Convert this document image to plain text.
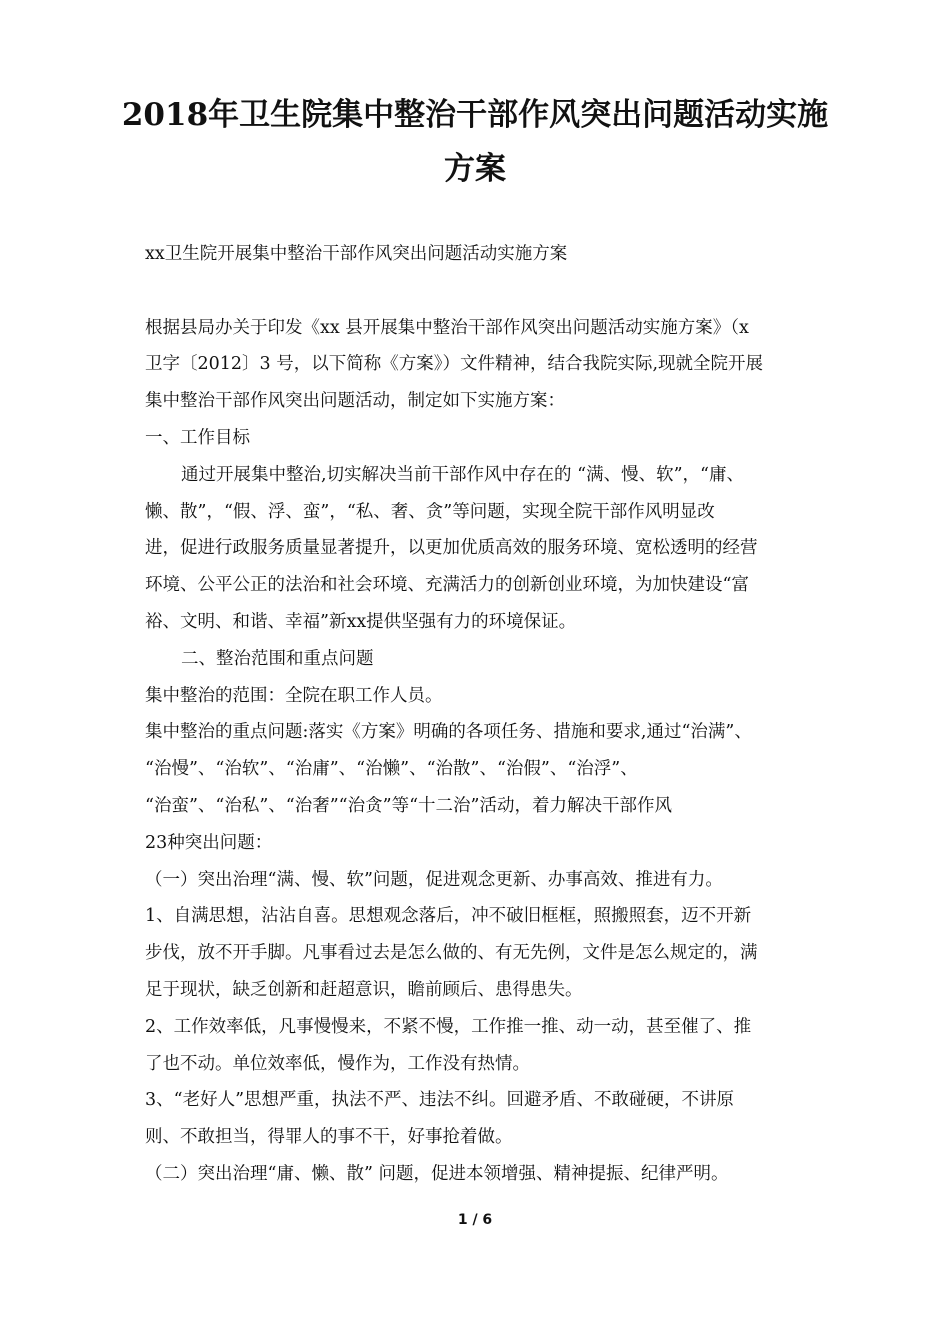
2018年卫生院集中整治干部作风突出问题活动实施
方案
xx卫生院开展集中整治干部作风突出问题活动实施方案
根据县局办关于印发《xx 县开展集中整治干部作风突出问题活动实施方案》（x
卫字〔2012〕3 号，以下简称《方案》）文件精神，结合我院实际,现就全院开展
集中整治干部作风突出问题活动，制定如下实施方案：
一、工作目标
通过开展集中整治,切实解决当前干部作风中存在的 “满、慢、软”，“庸、
懒、散”，“假、浮、蛮”，“私、奢、贪”等问题，实现全院干部作风明显改
进，促进行政服务质量显著提升，以更加优质高效的服务环境、宽松透明的经营
环境、公平公正的法治和社会环境、充满活力的创新创业环境，为加快建设“富
裕、文明、和谐、幸福”新xx提供坚强有力的环境保证。
二、整治范围和重点问题
集中整治的范围：全院在职工作人员。
集中整治的重点问题:落实《方案》明确的各项任务、措施和要求,通过“治满”、
“治慢”、“治软”、“治庸”、“治懒”、“治散”、“治假”、“治浮”、
“治蛮”、“治私”、“治奢”“治贪”等“十二治”活动，着力解决干部作风
23种突出问题：
（一）突出治理“满、慢、软”问题，促进观念更新、办事高效、推进有力。
1、自满思想，沾沾自喜。思想观念落后，冲不破旧框框，照搬照套，迈不开新
步伐，放不开手脚。凡事看过去是怎么做的、有无先例，文件是怎么规定的，满
足于现状，缺乏创新和赶超意识，瞻前顾后、患得患失。
2、工作效率低，凡事慢慢来，不紧不慢，工作推一推、动一动，甚至催了、推
了也不动。单位效率低，慢作为，工作没有热情。
3、“老好人”思想严重，执法不严、违法不纠。回避矛盾、不敢碰硬，不讲原
则、不敢担当，得罪人的事不干，好事抢着做。
（二）突出治理“庸、懒、散” 问题，促进本领增强、精神提振、纪律严明。
1 / 6
